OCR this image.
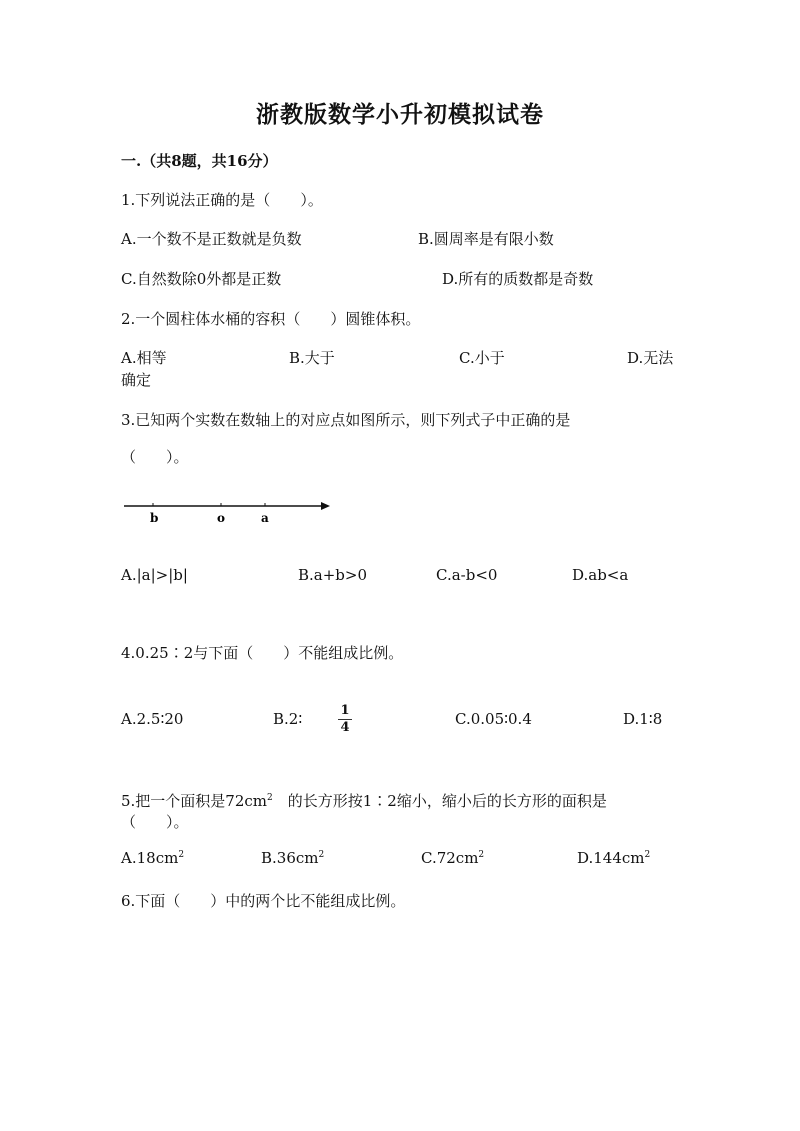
浙教版数学小升初模拟试卷
一.（共8题，共16分）
1.下列说法正确的是（　　）。
A.一个数不是正数就是负数	B.圆周率是有限小数
C.自然数除0外都是正数	D.所有的质数都是奇数
2.一个圆柱体水桶的容积（　　）圆锥体积。
A.相等	B.大于	C.小于	D.无法
确定
3.已知两个实数在数轴上的对应点如图所示，则下列式子中正确的是
（　　）。
b	o	a
A.|a|>|b|	B.a+b>0	C.a-b<0	D.ab<a
4.0.25∶2与下面（　　）不能组成比例。
A.2.5∶20	B.2∶	1
4	C.0.05∶0.4	D.1∶8
5.把一个面积是$72cm^2$　的长方形按1∶2缩小，缩小后的长方形的面积是
（　　）。
$A.18cm^2$	$B.36cm^2$	$C.72cm^2$	$D.144cm^2$
6.下面（　　）中的两个比不能组成比例。
